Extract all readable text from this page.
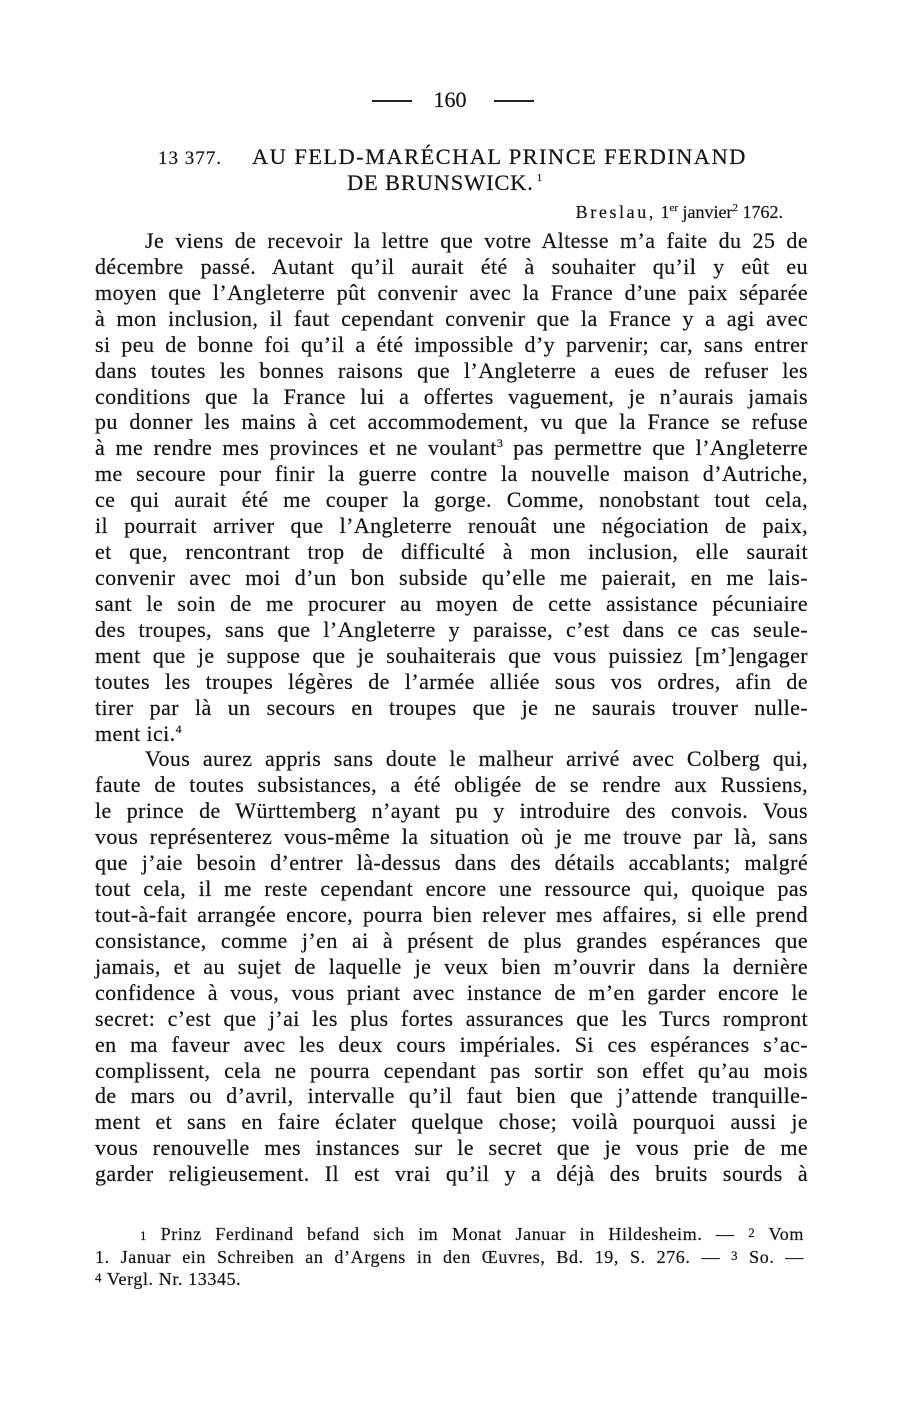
160
13 377. AU FELD-MARÉCHAL PRINCE FERDINAND
DE BRUNSWICK. $^1$
Breslau, 1er janvier$^2$ 1762.
Je viens de recevoir la lettre que votre Altesse m’a faite du 25 de
décembre passé. Autant qu’il aurait été à souhaiter qu’il y eût eu
moyen que l’Angleterre pût convenir avec la France d’une paix séparée
à mon inclusion, il faut cependant convenir que la France y a agi avec
si peu de bonne foi qu’il a été impossible d’y parvenir; car, sans entrer
dans toutes les bonnes raisons que l’Angleterre a eues de refuser les
conditions que la France lui a offertes vaguement, je n’aurais jamais
pu donner les mains à cet accommodement, vu que la France se refuse
à me rendre mes provinces et ne voulant$^3$ pas permettre que l’Angleterre
me secoure pour finir la guerre contre la nouvelle maison d’Autriche,
ce qui aurait été me couper la gorge. Comme, nonobstant tout cela,
il pourrait arriver que l’Angleterre renouât une négociation de paix,
et que, rencontrant trop de difficulté à mon inclusion, elle saurait
convenir avec moi d’un bon subside qu’elle me paierait, en me lais-
sant le soin de me procurer au moyen de cette assistance pécuniaire
des troupes, sans que l’Angleterre y paraisse, c’est dans ce cas seule-
ment que je suppose que je souhaiterais que vous puissiez [m’]engager
toutes les troupes légères de l’armée alliée sous vos ordres, afin de
tirer par là un secours en troupes que je ne saurais trouver nulle-
ment ici.$^4$
Vous aurez appris sans doute le malheur arrivé avec Colberg qui,
faute de toutes subsistances, a été obligée de se rendre aux Russiens,
le prince de Württemberg n’ayant pu y introduire des convois. Vous
vous représenterez vous-même la situation où je me trouve par là, sans
que j’aie besoin d’entrer là-dessus dans des détails accablants; malgré
tout cela, il me reste cependant encore une ressource qui, quoique pas
tout-à-fait arrangée encore, pourra bien relever mes affaires, si elle prend
consistance, comme j’en ai à présent de plus grandes espérances que
jamais, et au sujet de laquelle je veux bien m’ouvrir dans la dernière
confidence à vous, vous priant avec instance de m’en garder encore le
secret: c’est que j’ai les plus fortes assurances que les Turcs rompront
en ma faveur avec les deux cours impériales. Si ces espérances s’ac-
complissent, cela ne pourra cependant pas sortir son effet qu’au mois
de mars ou d’avril, intervalle qu’il faut bien que j’attende tranquille-
ment et sans en faire éclater quelque chose; voilà pourquoi aussi je
vous renouvelle mes instances sur le secret que je vous prie de me
garder religieusement. Il est vrai qu’il y a déjà des bruits sourds à
1 Prinz Ferdinand befand sich im Monat Januar in Hildesheim. — 2 Vom
1. Januar ein Schreiben an d’Argens in den Œuvres, Bd. 19, S. 276. — 3 So. —
4 Vergl. Nr. 13345.
